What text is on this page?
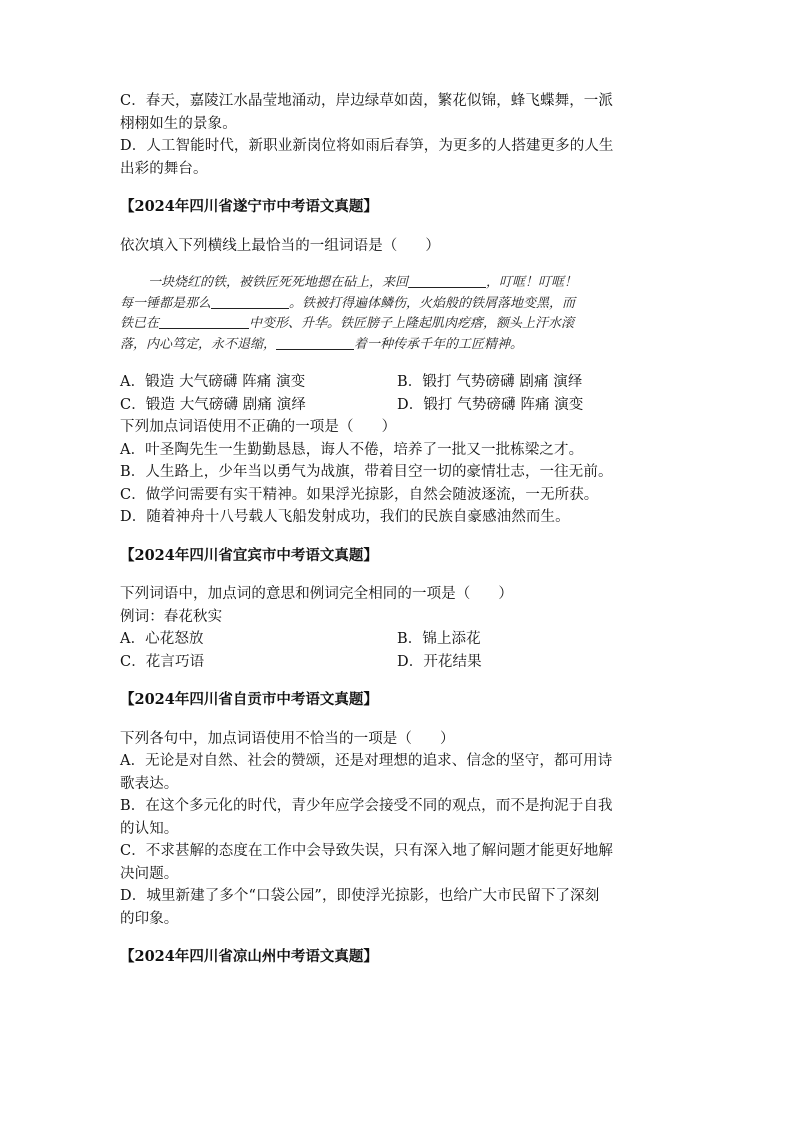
C．春天，嘉陵江水晶莹地涌动，岸边绿草如茵，繁花似锦，蜂飞蝶舞，一派
栩栩如生的景象。
D．人工智能时代，新职业新岗位将如雨后春笋，为更多的人搭建更多的人生
出彩的舞台。
【2024年四川省遂宁市中考语文真题】
依次填入下列横线上最恰当的一组词语是（ ）
一块烧红的铁，被铁匠死死地摁在砧上，来回	，叮哐！叮哐！
每一锤都是那么	。铁被打得遍体鳞伤，火焰般的铁屑落地变黑，而
铁已在	中变形、升华。铁匠膀子上隆起肌肉疙瘩，额头上汗水滚
落，内心笃定，永不退缩，	着一种传承千年的工匠精神。
A．锻造 大气磅礴 阵痛 演变	B．锻打 气势磅礴 剧痛 演绎
C．锻造 大气磅礴 剧痛 演绎	D．锻打 气势磅礴 阵痛 演变
下列加点词语使用不正确的一项是（ ）
A．叶圣陶先生一生勤勤恳恳，诲人不倦，培养了一批又一批栋梁之才。
B．人生路上，少年当以勇气为战旗，带着目空一切的豪情壮志，一往无前。
C．做学问需要有实干精神。如果浮光掠影，自然会随波逐流，一无所获。
D．随着神舟十八号载人飞船发射成功，我们的民族自豪感油然而生。
【2024年四川省宜宾市中考语文真题】
下列词语中，加点词的意思和例词完全相同的一项是（ ）
例词：春花秋实
A．心花怒放	B．锦上添花
C．花言巧语	D．开花结果
【2024年四川省自贡市中考语文真题】
下列各句中，加点词语使用不恰当的一项是（ ）
A．无论是对自然、社会的赞颂，还是对理想的追求、信念的坚守，都可用诗
歌表达。
B．在这个多元化的时代，青少年应学会接受不同的观点，而不是拘泥于自我
的认知。
C．不求甚解的态度在工作中会导致失误，只有深入地了解问题才能更好地解
决问题。
D．城里新建了多个“口袋公园”，即使浮光掠影，也给广大市民留下了深刻
的印象。
【2024年四川省凉山州中考语文真题】
